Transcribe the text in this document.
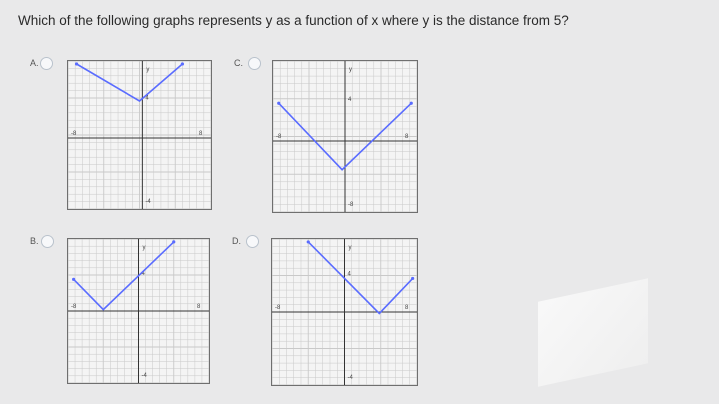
Which of the following graphs represents y as a function of x where y is the distance from 5?
A.
y
4
-8	8
-4
C.
y
4
-8	8
-8
B.
y
4
-8	8
-4
D.
y
4
-8	8
-4
